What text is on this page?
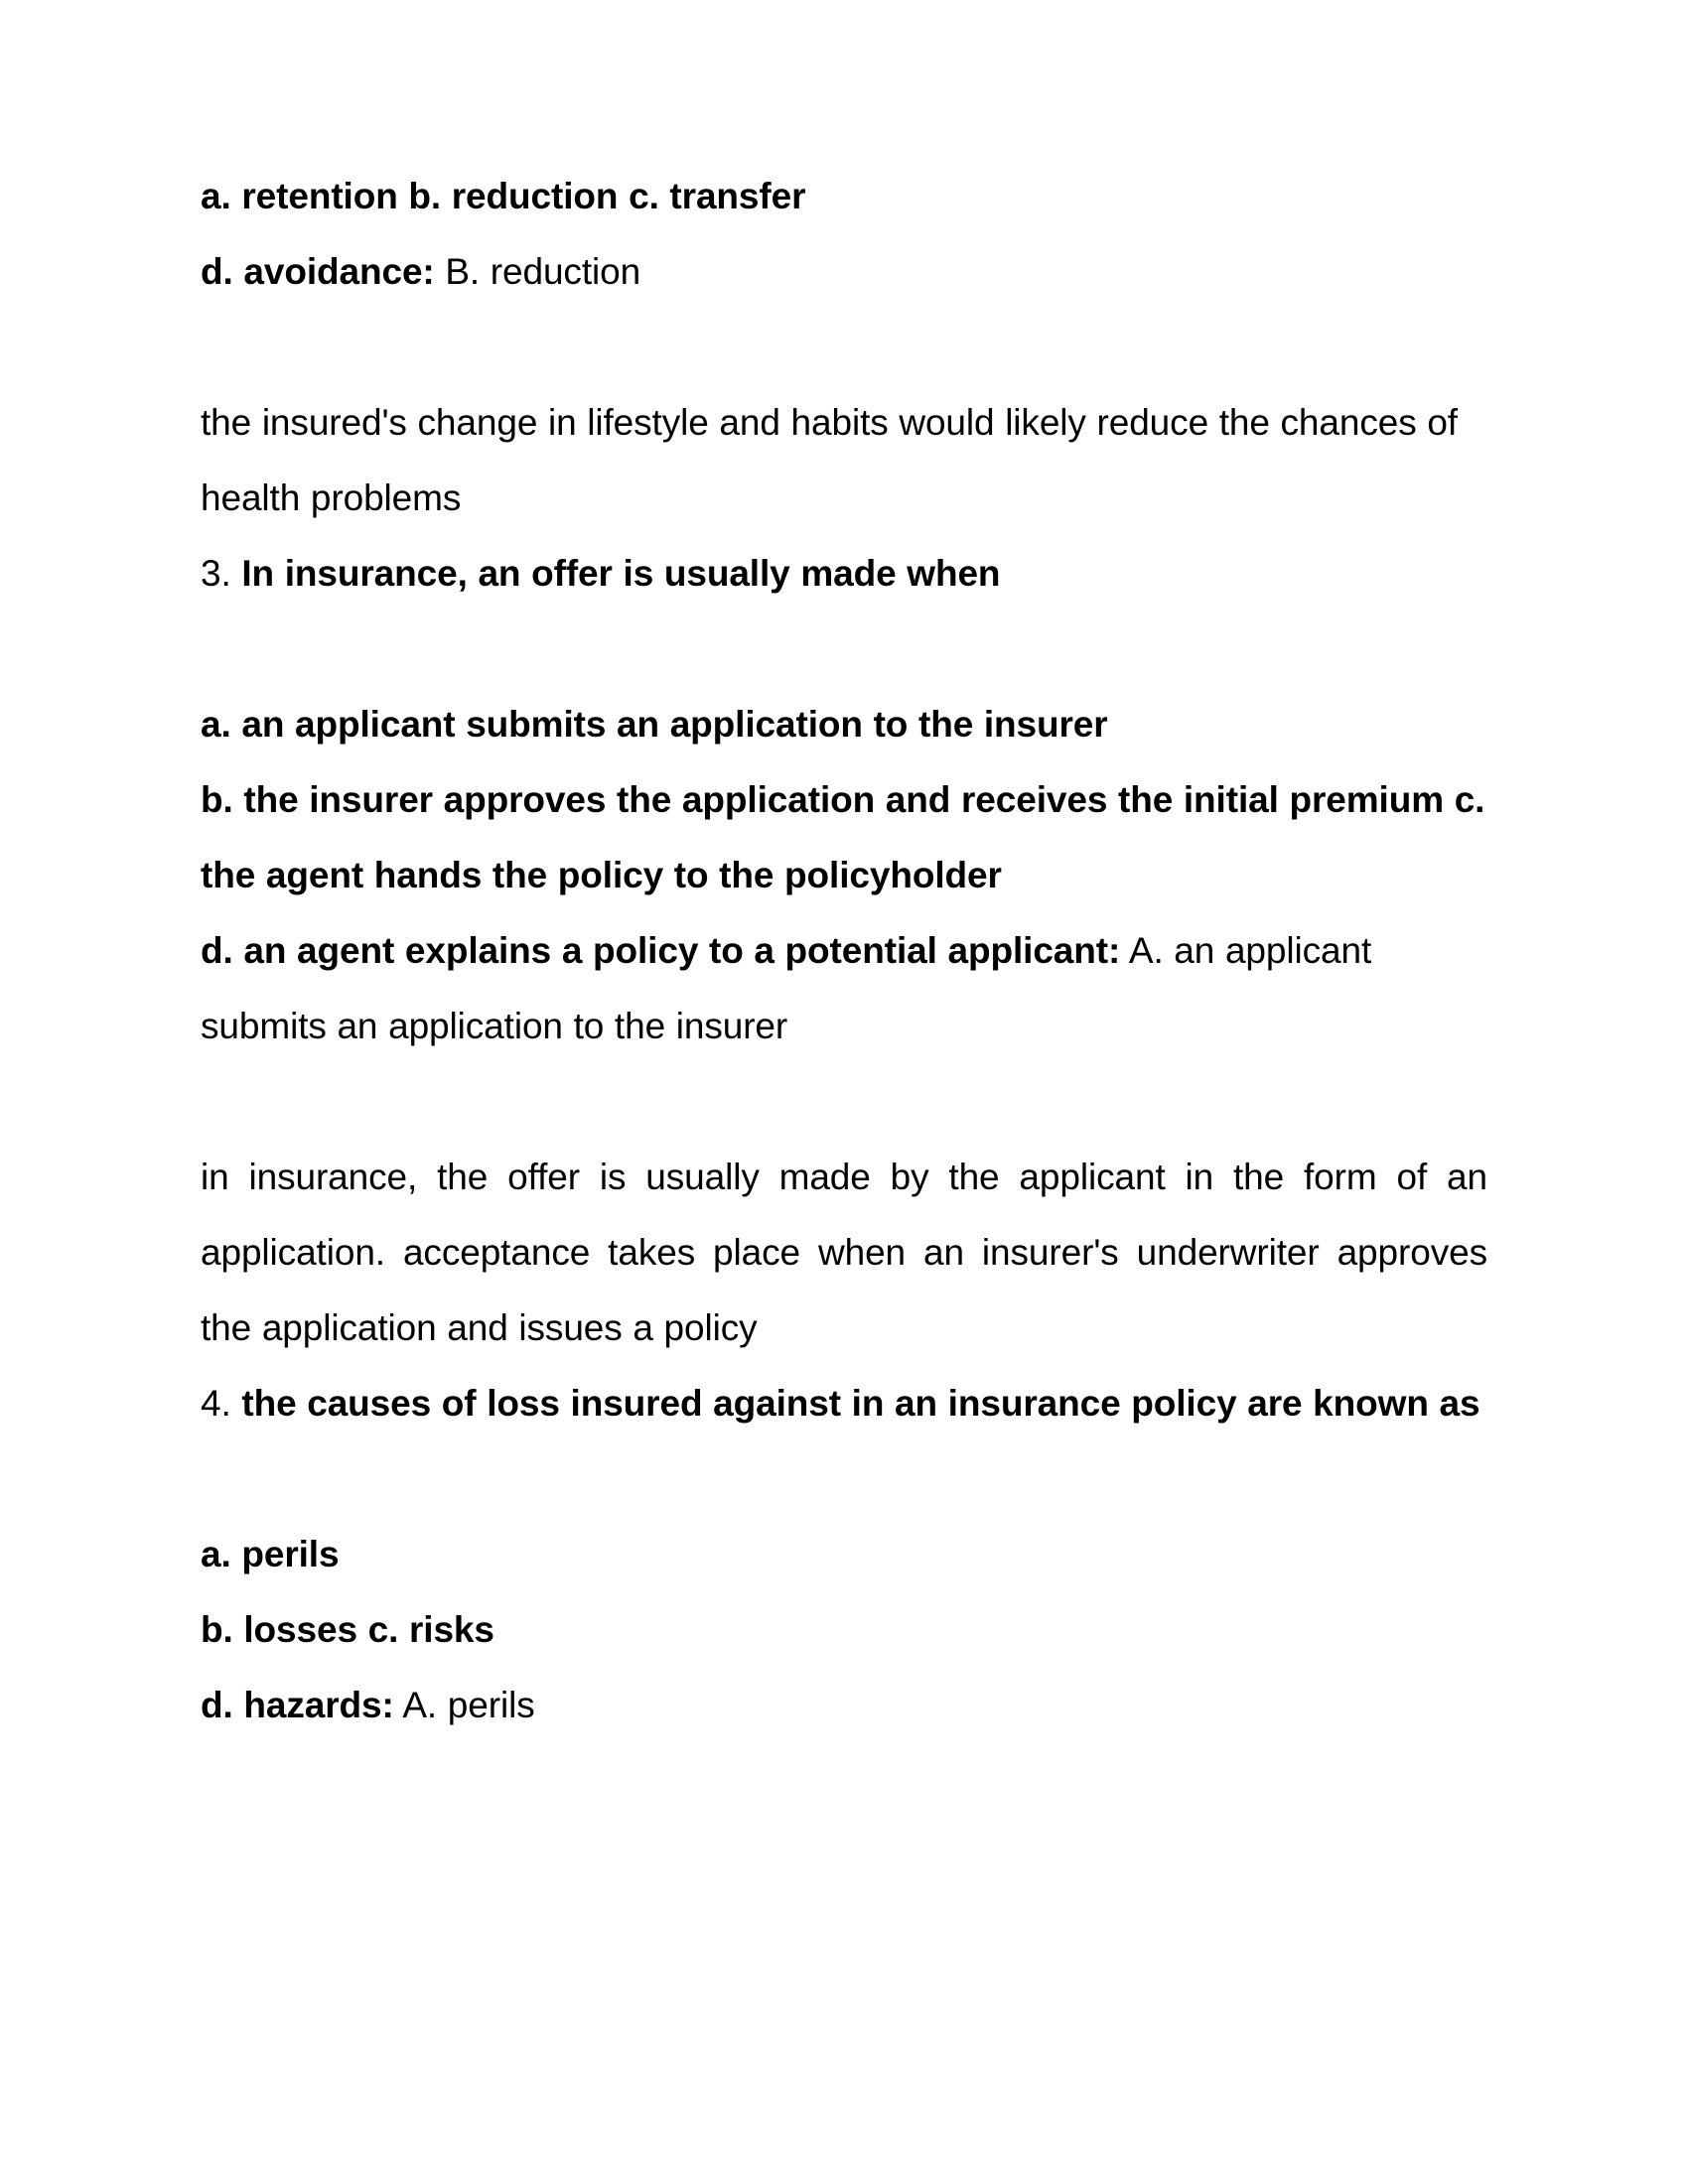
a. retention b. reduction c. transfer

d. avoidance: B. reduction

the insured's change in lifestyle and habits would likely reduce the chances of health problems

3. In insurance, an offer is usually made when

a. an applicant submits an application to the insurer

b. the insurer approves the application and receives the initial premium c. the agent hands the policy to the policyholder

d. an agent explains a policy to a potential applicant: A. an applicant submits an application to the insurer

in insurance, the offer is usually made by the applicant in the form of an application. acceptance takes place when an insurer's underwriter approves the application and issues a policy

4. the causes of loss insured against in an insurance policy are known as

a. perils

b. losses c. risks

d. hazards: A. perils
